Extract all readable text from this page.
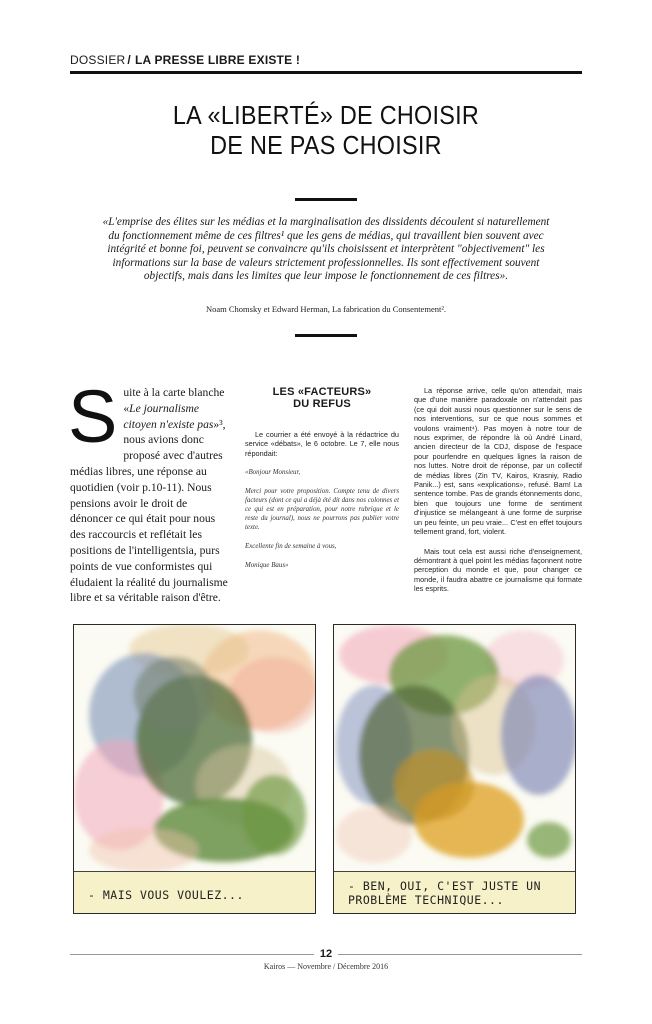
DOSSIER / LA PRESSE LIBRE EXISTE !
LA «LIBERTÉ» DE CHOISIR
DE NE PAS CHOISIR
«L'emprise des élites sur les médias et la marginalisation des dissidents découlent si naturellement du fonctionnement même de ces filtres¹ que les gens de médias, qui travaillent bien souvent avec intégrité et bonne foi, peuvent se convaincre qu'ils choisissent et interprètent "objectivement" les informations sur la base de valeurs strictement professionnelles. Ils sont effectivement souvent objectifs, mais dans les limites que leur impose le fonctionnement de ces filtres».
Noam Chomsky et Edward Herman, La fabrication du Consentement².
Suite à la carte blanche «Le journalisme citoyen n'existe pas»³, nous avions donc proposé avec d'autres médias libres, une réponse au quotidien (voir p.10-11). Nous pensions avoir le droit de dénoncer ce qui était pour nous des raccourcis et reflétait les positions de l'intelligentsia, purs points de vue conformistes qui éludaient la réalité du journalisme libre et sa véritable raison d'être.
LES «FACTEURS»
DU REFUS
Le courrier a été envoyé à la rédactrice du service «débats», le 6 octobre. Le 7, elle nous répondait:

«Bonjour Monsieur,

Merci pour votre proposition. Compte tenu de divers facteurs (dont ce qui a déjà été dit dans nos colonnes et ce qui est en préparation, pour notre rubrique et le reste du journal), nous ne pourrons pas publier votre texte.

Excellente fin de semaine à vous,

Monique Baus»

La réponse arrive, celle qu'on attendait, mais que d'une manière paradoxale on n'attendait pas (ce qui doit aussi nous questionner sur le sens de nos interventions, sur ce que nous sommes et voulons vraiment⁴). Pas moyen à notre tour de nous exprimer, de répondre là où André Linard, ancien directeur de la CDJ, dispose de l'espace pour pourfendre en quelques lignes la raison de nos luttes. Notre droit de réponse, par un collectif de médias libres (Zin TV, Kairos, Krasniy, Radio Panik...) est, sans «explications», refusé. Bam! La sentence tombe. Pas de grands étonnements donc, bien que toujours une forme de sentiment d'injustice se mélangeant à une forme de surprise un peu feinte, un peu vraie... C'est en effet toujours tellement grand, fort, violent.

Mais tout cela est aussi riche d'enseignement, démontrant à quel point les médias façonnent notre perception du monde et que, pour changer ce monde, il faudra abattre ce journalisme qui formate les esprits.

- MAIS VOUS VOULEZ...
- BEN, OUI, C'EST JUSTE UN
PROBLÈME TECHNIQUE...
12
Kairos — Novembre / Décembre 2016
